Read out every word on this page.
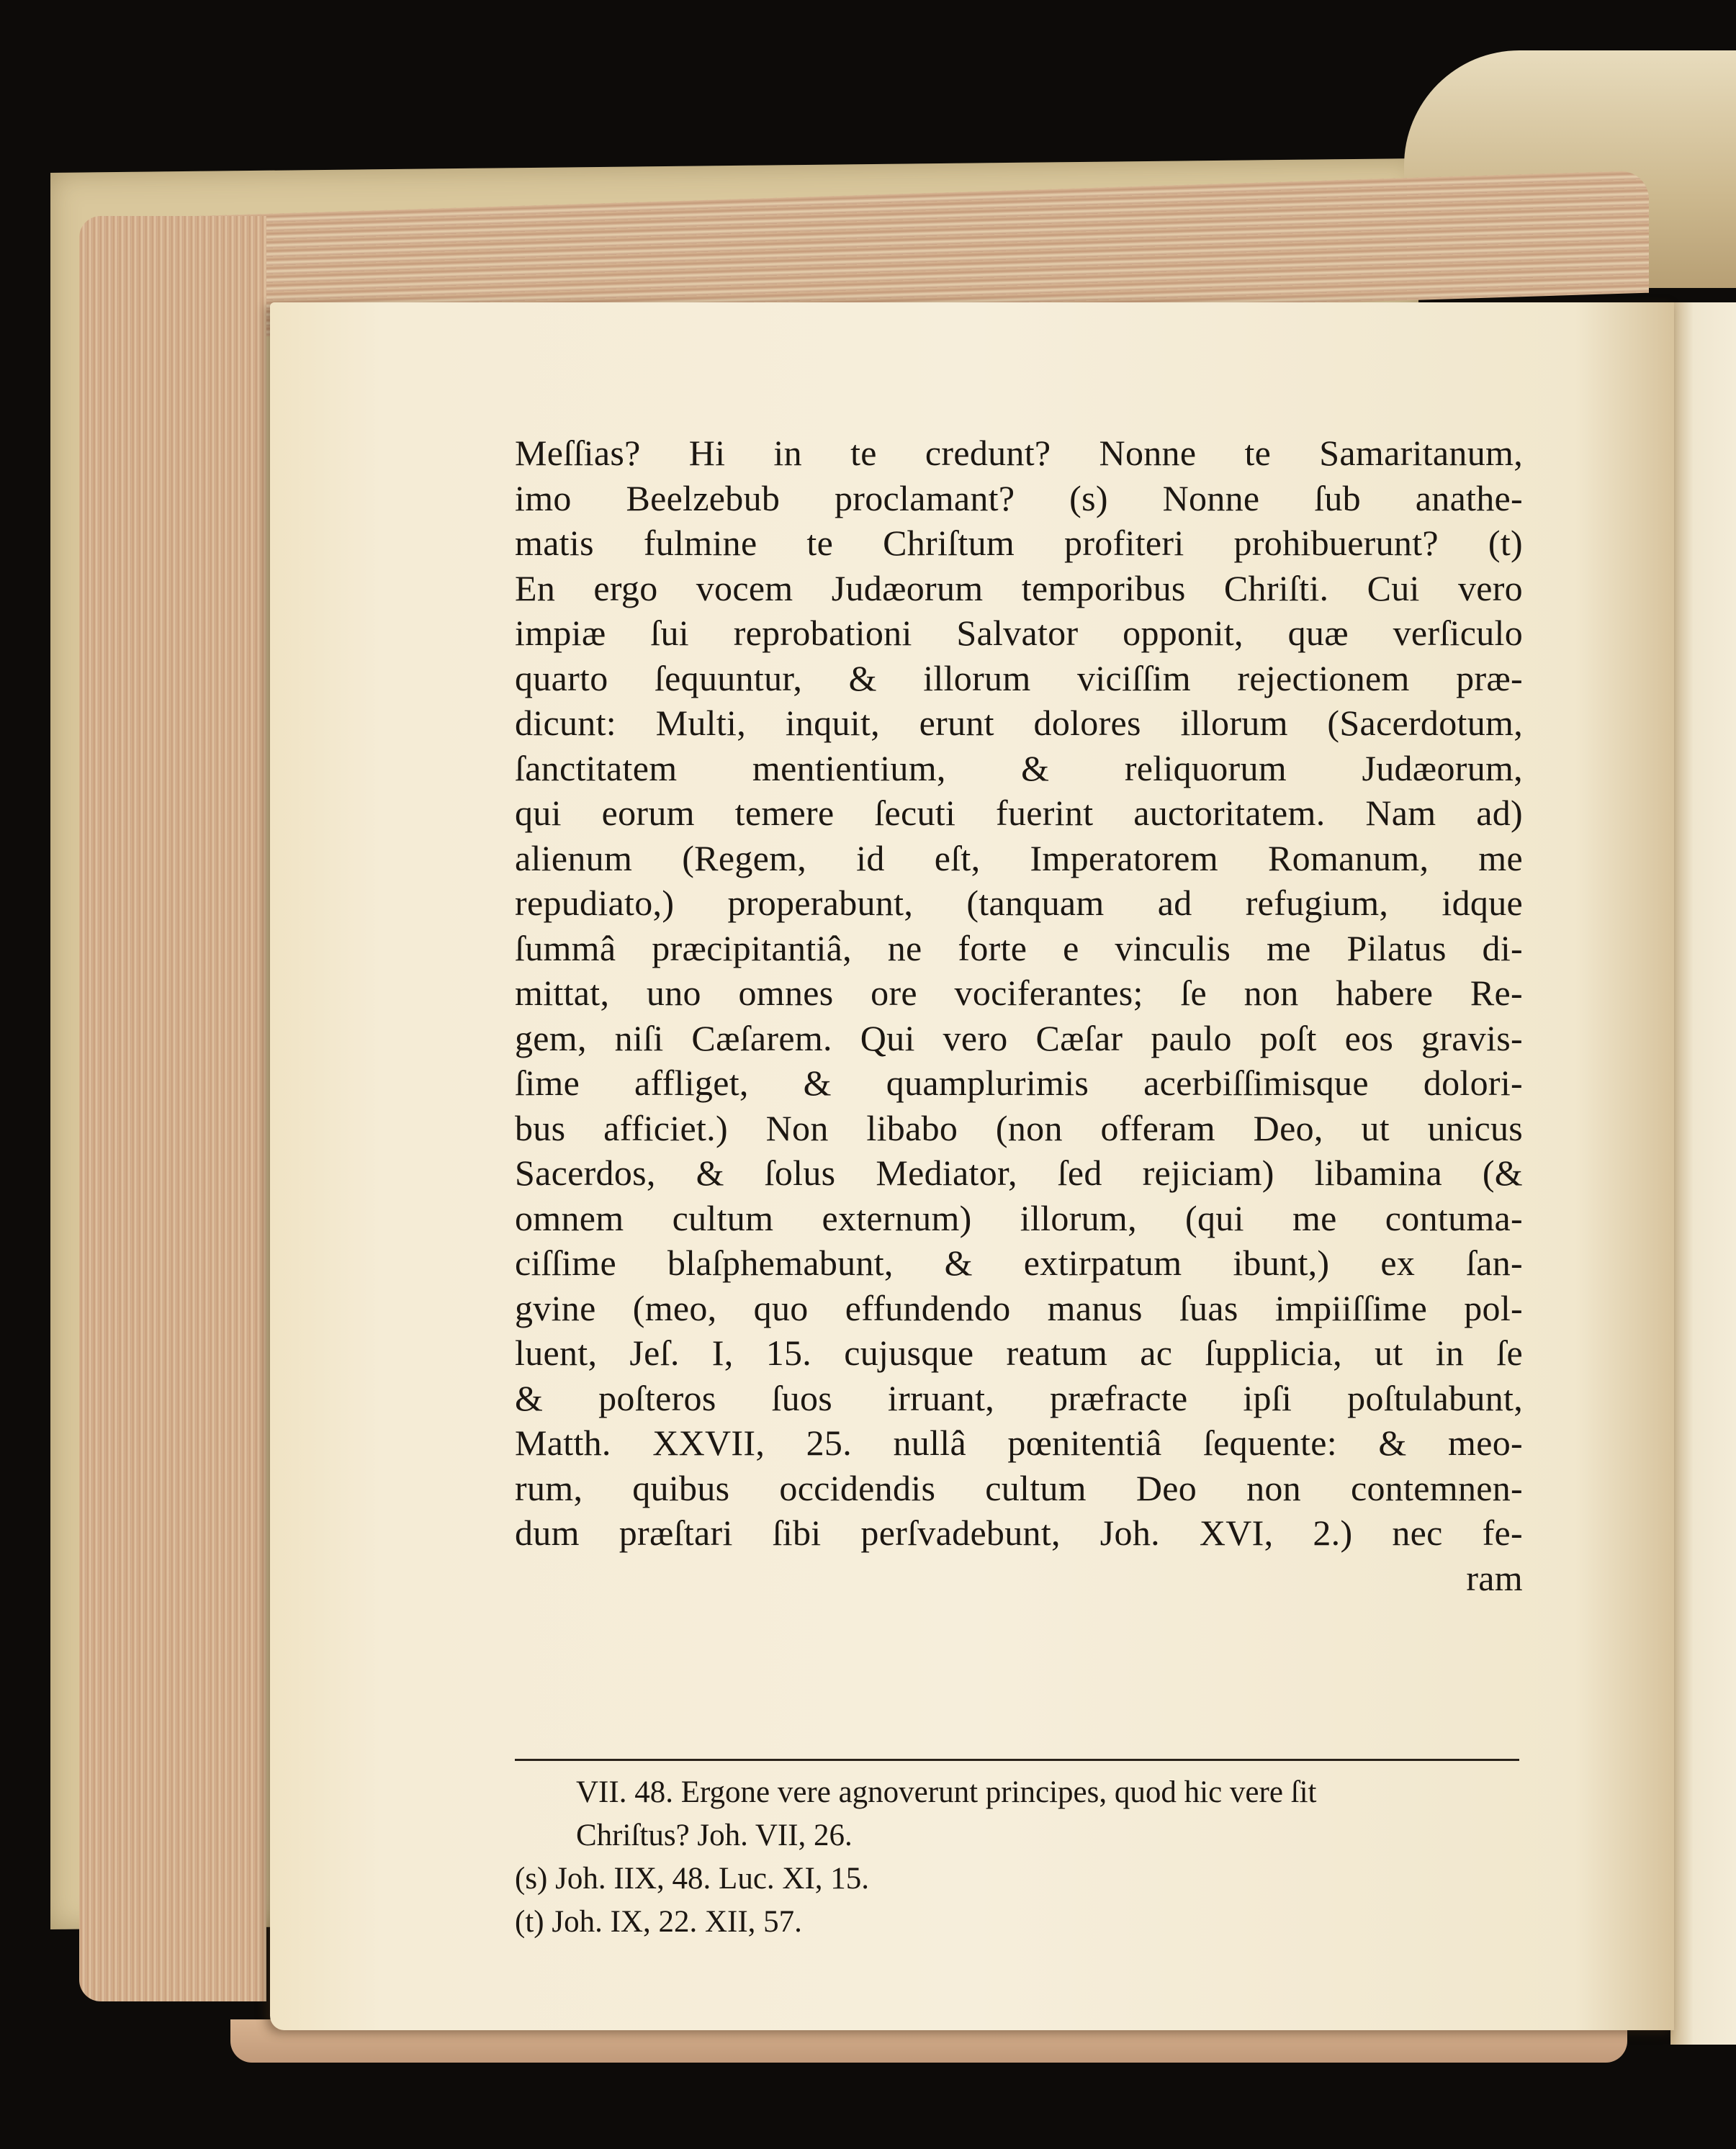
Meſſias? Hi in te credunt? Nonne te Samaritanum,
imo Beelzebub proclamant? (s) Nonne ſub anathe-
matis fulmine te Chriſtum profiteri prohibuerunt? (t)
En ergo vocem Judæorum temporibus Chriſti. Cui vero
impiæ ſui reprobationi Salvator opponit, quæ verſiculo
quarto ſequuntur, & illorum viciſſim rejectionem præ-
dicunt: Multi, inquit, erunt dolores illorum (Sacerdotum,
ſanctitatem mentientium, & reliquorum Judæorum,
qui eorum temere ſecuti fuerint auctoritatem. Nam ad)
alienum (Regem, id eſt, Imperatorem Romanum, me
repudiato,) properabunt, (tanquam ad refugium, idque
ſummâ præcipitantiâ, ne forte e vinculis me Pilatus di-
mittat, uno omnes ore vociferantes; ſe non habere Re-
gem, niſi Cæſarem. Qui vero Cæſar paulo poſt eos gravis-
ſime affliget, & quamplurimis acerbiſſimisque dolori-
bus afficiet.) Non libabo (non offeram Deo, ut unicus
Sacerdos, & ſolus Mediator, ſed rejiciam) libamina (&
omnem cultum externum) illorum, (qui me contuma-
ciſſime blaſphemabunt, & extirpatum ibunt,) ex ſan-
gvine (meo, quo effundendo manus ſuas impiiſſime pol-
luent, Jeſ. I, 15. cujusque reatum ac ſupplicia, ut in ſe
& poſteros ſuos irruant, præfracte ipſi poſtulabunt,
Matth. XXVII, 25. nullâ pœnitentiâ ſequente: & meo-
rum, quibus occidendis cultum Deo non contemnen-
dum præſtari ſibi perſvadebunt, Joh. XVI, 2.) nec fe-
ram
VII. 48. Ergone vere agnoverunt principes, quod hic vere ſit
Chriſtus? Joh. VII, 26.
(s) Joh. IIX, 48. Luc. XI, 15.
(t) Joh. IX, 22. XII, 57.
